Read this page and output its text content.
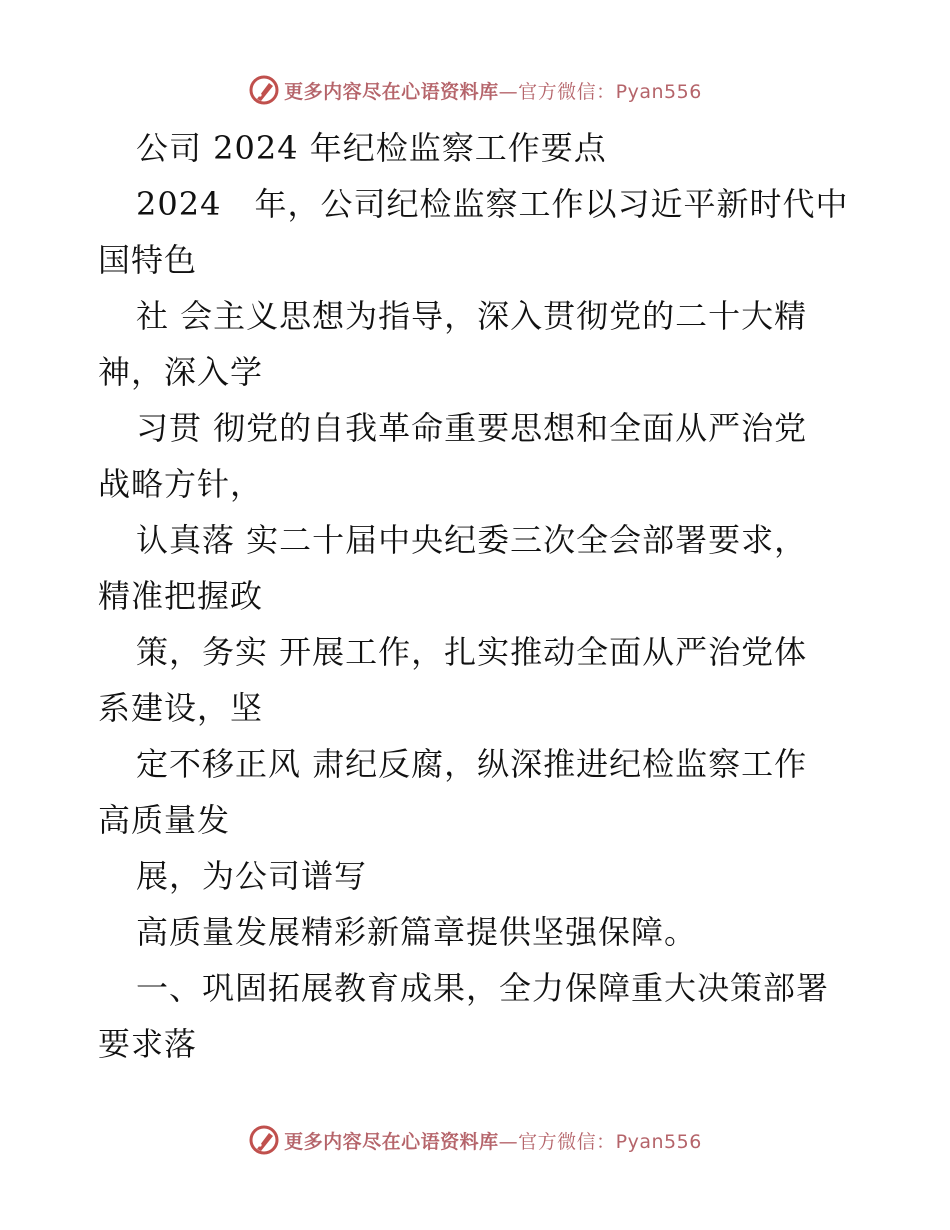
更多内容尽在心语资料库—官方微信：Pyan556
公司 2024 年纪检监察工作要点
2024　年，公司纪检监察工作以习近平新时代中
国特色
社 会主义思想为指导，深入贯彻党的二十大精
神，深入学
习贯 彻党的自我革命重要思想和全面从严治党
战略方针，
认真落 实二十届中央纪委三次全会部署要求，
精准把握政
策，务实 开展工作，扎实推动全面从严治党体
系建设，坚
定不移正风 肃纪反腐，纵深推进纪检监察工作
高质量发
展，为公司谱写
高质量发展精彩新篇章提供坚强保障。
一、巩固拓展教育成果，全力保障重大决策部署
要求落
更多内容尽在心语资料库—官方微信：Pyan556
